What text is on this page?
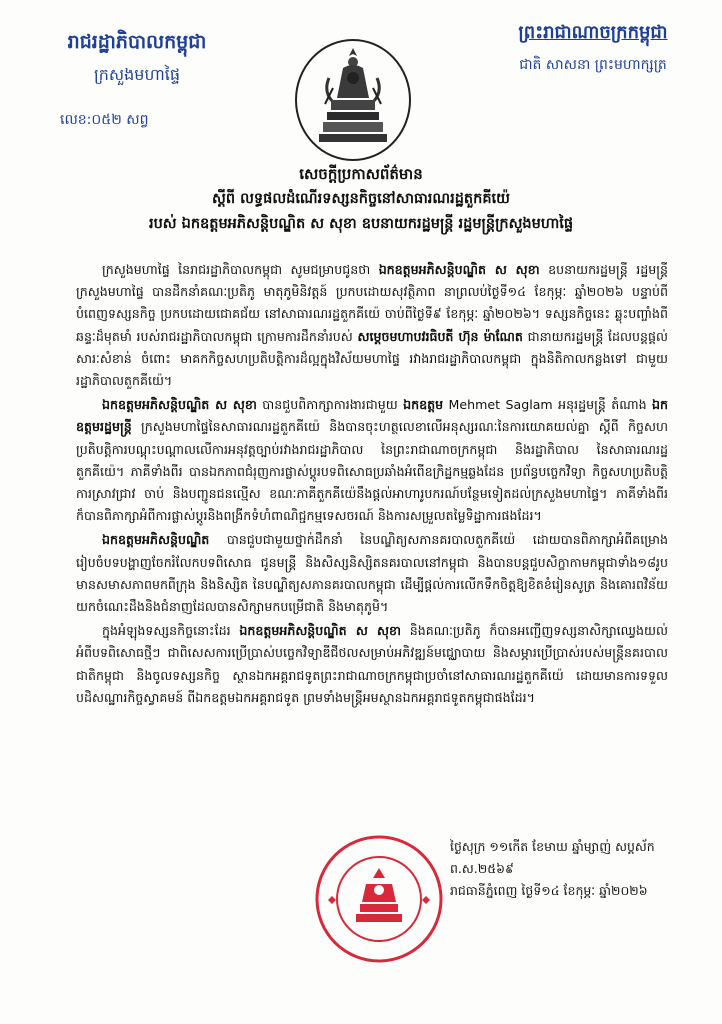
រាជរដ្ឋាភិបាលកម្ពុជា
ក្រសួងមហាផ្ទៃ
លេខ:០៥២ សព្វ
ព្រះរាជាណាចក្រកម្ពុជា
ជាតិ សាសនា ព្រះមហាក្សត្រ
សេចក្តីប្រកាសព័ត៌មាន
ស្តីពី លទ្ធផលដំណើរទស្សនកិច្ចនៅសាធារណរដ្ឋតួកគីយ៉េ
របស់ ឯកឧត្តមអភិសន្តិបណ្ឌិត ស សុខា ឧបនាយករដ្ឋមន្ត្រី រដ្ឋមន្ត្រីក្រសួងមហាផ្ទៃ

ក្រសួងមហាផ្ទៃ នៃរាជរដ្ឋាភិបាលកម្ពុជា សូមជម្រាបជូនថា ឯកឧត្តមអភិសន្តិបណ្ឌិត ស សុខា ឧបនាយករដ្ឋមន្ត្រី រដ្ឋមន្ត្រីក្រសួងមហាផ្ទៃ បានដឹកនាំគណៈប្រតិភូ មាតុភូមិនិវត្តន៍ ប្រកបដោយសុវត្ថិភាព នាព្រលប់ថ្ងៃទី១៤ ខែកុម្ភៈ ឆ្នាំ២០២៦ បន្ទាប់ពីបំពេញទស្សនកិច្ច ប្រកបដោយជោគជ័យ នៅសាធារណរដ្ឋតួកគីយ៉េ ចាប់ពីថ្ងៃទី៩ ខែកុម្ភៈ ឆ្នាំ២០២៦។ ទស្សនកិច្ចនេះ ឆ្លុះបញ្ចាំងពីឆន្ទៈដ៏មុតមាំ របស់រាជរដ្ឋាភិបាលកម្ពុជា ក្រោមការដឹកនាំរបស់ សម្តេចមហាបវរធិបតី ហ៊ុន ម៉ាណែត ជានាយករដ្ឋមន្ត្រី ដែលបន្តផ្តល់សារៈសំខាន់ ចំពោះ មាគកកិច្ចសហប្រតិបត្តិការដ៏ល្អក្នុងវិស័យមហាផ្ទៃ រវាងរាជរដ្ឋាភិបាលកម្ពុជា ក្នុងនិតិកាលកន្លងទៅ ជាមួយរដ្ឋាភិបាលតួកគីយ៉េ។

ឯកឧត្តមអភិសន្តិបណ្ឌិត ស សុខា បានជួបពិភាក្សាការងារជាមួយ ឯកឧត្តម Mehmet Saglam អនុរដ្ឋមន្ត្រី តំណាង ឯកឧត្តមរដ្ឋមន្ត្រី ក្រសួងមហាផ្ទៃនៃសាធារណរដ្ឋតួកគីយ៉េ និងបានចុះហត្ថលេខាលើអនុស្សរណៈនៃការយោគយល់គ្នា ស្តីពី កិច្ចសហប្រតិបត្តិការបណ្តុះបណ្តាលលើការអនុវត្តច្បាប់រវាងរាជរដ្ឋាភិបាល នៃព្រះរាជាណាចក្រកម្ពុជា និងរដ្ឋាភិបាល នៃសាធារណរដ្ឋតួកគីយ៉េ។ ភាគីទាំងពីរ បានឯកភាពជំរុញការផ្លាស់ប្តូរបទពិសោធប្រឆាំងអំពើឧក្រិដ្ឋកម្មឆ្លងដែន ប្រព័ន្ធបច្ចេកវិទ្យា កិច្ចសហប្រតិបត្តិការស្រាវជ្រាវ ចាប់ និងបញ្ជូនជនល្មើស ខណៈភាគីតួកគីយ៉េនឹងផ្តល់អាហារូបករណ៍បន្ថែមទៀតដល់ក្រសួងមហាផ្ទៃ។ ភាគីទាំងពីរក៏បានពិភាក្សាអំពីការផ្លាស់ប្តូរនិងពង្រីកទំហំពាណិជ្ជកម្មទេសចរណ៍ និងការសម្រួលតម្លៃទិដ្ឋាការផងដែរ។

ឯកឧត្តមអភិសន្តិបណ្ឌិត បានជួបជាមួយថ្នាក់ដឹកនាំ នៃបណ្ឌិត្យសភានគរបាលតួកគីយ៉េ ដោយបានពិភាក្សាអំពីគម្រោងរៀបចំបទបង្ហាញចែករំលែកបទពិសោធ ជូនមន្ត្រី និងសិស្សនិស្សិតនគរបាលនៅកម្ពុជា និងបានបន្តជួបសិក្ខាកាមកម្ពុជាទាំង១៨រូប មានសមាសភាពមកពីក្រុង និងនិស្សិត នៃបណ្ឌិត្យសភានគរបាលកម្ពុជា ដើម្បីផ្តល់ការលើកទឹកចិត្តឱ្យខិតខំរៀនសូត្រ និងគោរពវិន័យ យកចំណេះដឹងនិងជំនាញដែលបានសិក្សាមកបម្រើជាតិ និងមាតុភូមិ។

ក្នុងអំឡុងទស្សនកិច្ចនោះដែរ ឯកឧត្តមអភិសន្តិបណ្ឌិត ស សុខា និងគណៈប្រតិភូ ក៏បានអញ្ជើញទស្សនាសិក្សាឈ្វេងយល់អំពីបទពិសោធថ្មីៗ ជាពិសេសការប្រើប្រាស់បច្ចេកវិទ្យាឌីជីថលសម្រាប់អភិវឌ្ឍន៍មជ្ឈោបាយ និងសម្ភារប្រើប្រាស់របស់មន្ត្រីនគរបាលជាតិកម្ពុជា និងចូលទស្សនកិច្ច ស្ថានឯកអគ្គរាជទូតព្រះរាជាណាចក្រកម្ពុជាប្រចាំនៅសាធារណរដ្ឋតួកគីយ៉េ ដោយមានការទទួលបដិសណ្ឋារកិច្ចស្វាគមន៍ ពីឯកឧត្តមឯកអគ្គរាជទូត ព្រមទាំងមន្ត្រីអមស្ថានឯកអគ្គរាជទូតកម្ពុជាផងដែរ។

ថ្ងៃសុក្រ ១១កើត ខែមាឃ ឆ្នាំម្សាញ់ សប្តស័ក ព.ស.២៥៦៩
រាជធានីភ្នំពេញ ថ្ងៃទី១៤ ខែកុម្ភៈ ឆ្នាំ២០២៦
